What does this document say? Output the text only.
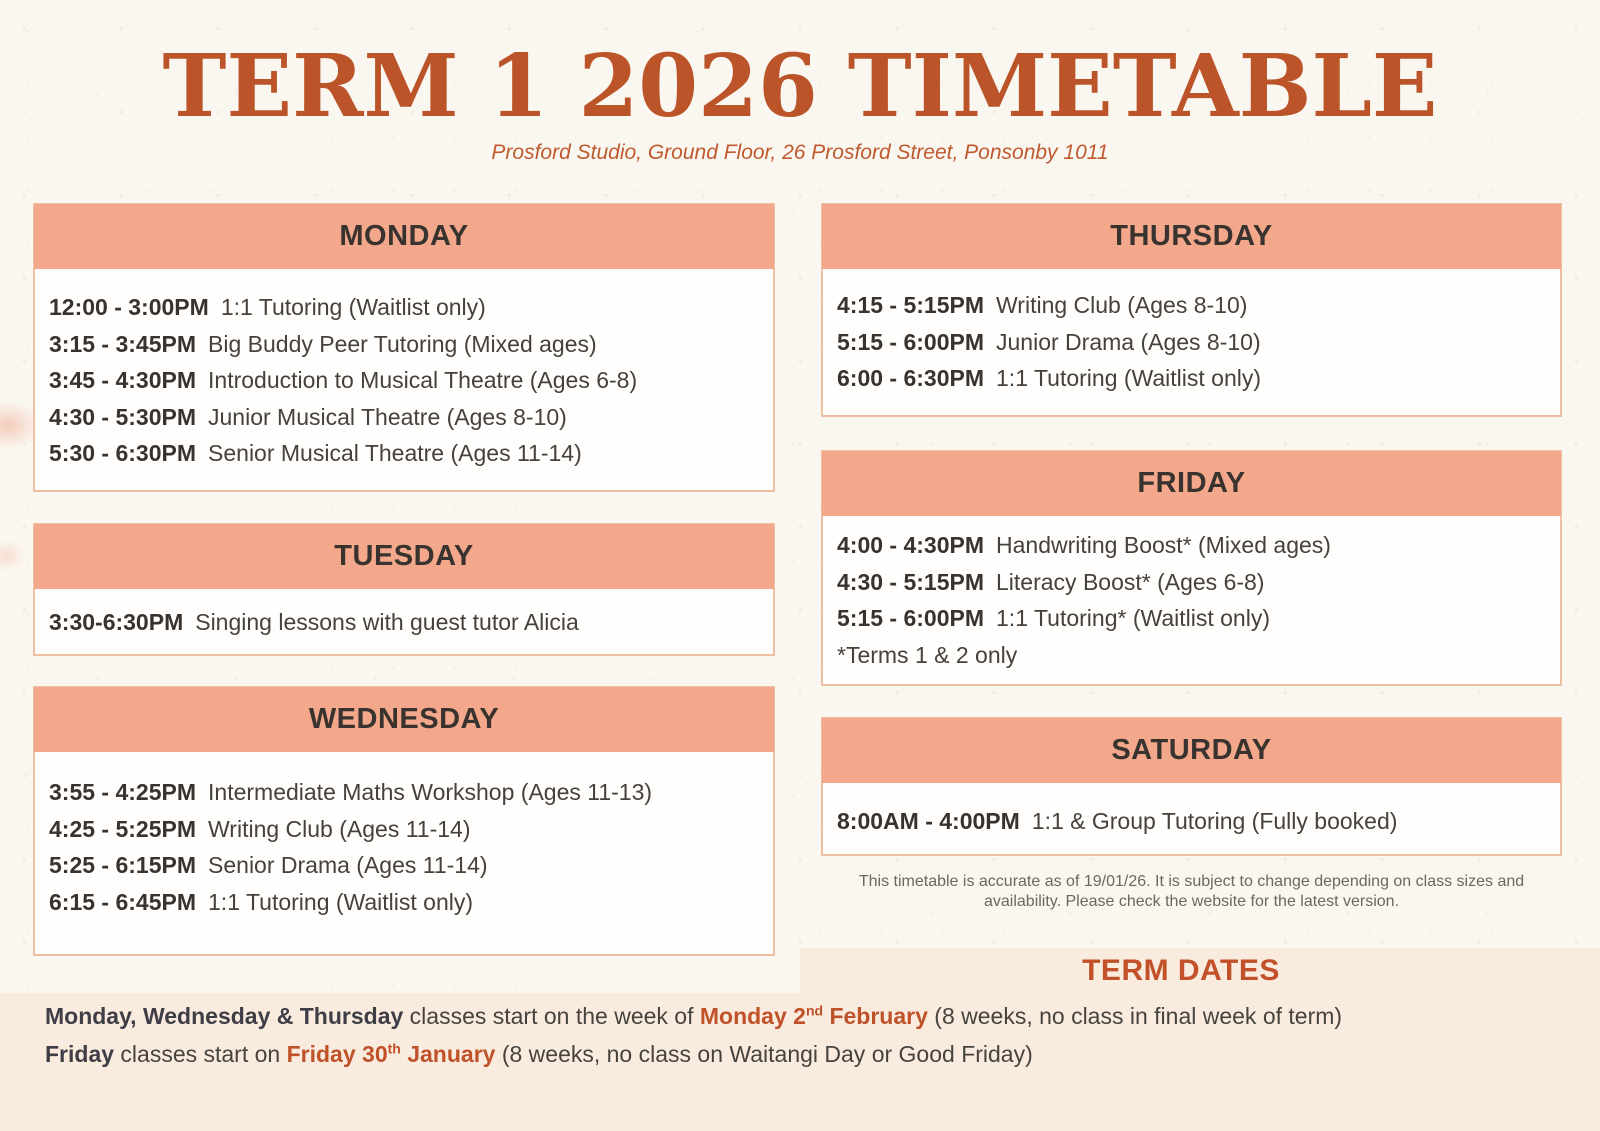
TERM 1 2026 TIMETABLE
Prosford Studio, Ground Floor, 26 Prosford Street, Ponsonby 1011
MONDAY
12:00 - 3:00PM 1:1 Tutoring (Waitlist only)
3:15 - 3:45PM Big Buddy Peer Tutoring (Mixed ages)
3:45 - 4:30PM Introduction to Musical Theatre (Ages 6-8)
4:30 - 5:30PM Junior Musical Theatre (Ages 8-10)
5:30 - 6:30PM Senior Musical Theatre (Ages 11-14)
TUESDAY
3:30-6:30PM Singing lessons with guest tutor Alicia
WEDNESDAY
3:55 - 4:25PM Intermediate Maths Workshop (Ages 11-13)
4:25 - 5:25PM Writing Club (Ages 11-14)
5:25 - 6:15PM Senior Drama (Ages 11-14)
6:15 - 6:45PM 1:1 Tutoring (Waitlist only)
THURSDAY
4:15 - 5:15PM Writing Club (Ages 8-10)
5:15 - 6:00PM Junior Drama (Ages 8-10)
6:00 - 6:30PM 1:1 Tutoring (Waitlist only)
FRIDAY
4:00 - 4:30PM Handwriting Boost* (Mixed ages)
4:30 - 5:15PM Literacy Boost* (Ages 6-8)
5:15 - 6:00PM 1:1 Tutoring* (Waitlist only)
*Terms 1 & 2 only
SATURDAY
8:00AM - 4:00PM 1:1 & Group Tutoring (Fully booked)
This timetable is accurate as of 19/01/26. It is subject to change depending on class sizes and availability. Please check the website for the latest version.
TERM DATES
Monday, Wednesday & Thursday classes start on the week of Monday 2nd February (8 weeks, no class in final week of term)
Friday classes start on Friday 30th January (8 weeks, no class on Waitangi Day or Good Friday)
